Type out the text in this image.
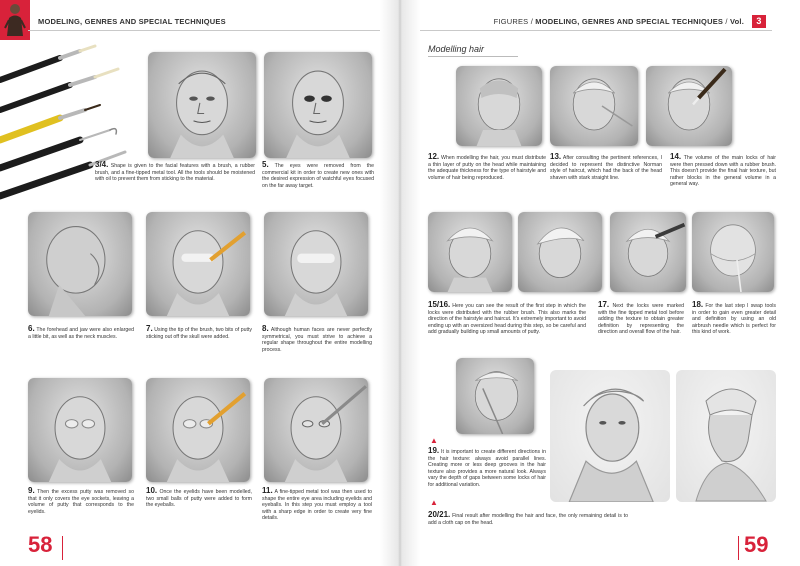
MODELING, GENRES AND SPECIAL TECHNIQUES
3/4. Shape is given to the facial features with a brush, a rubber brush, and a fine-tipped metal tool. All the tools should be moistened with oil to prevent them from sticking to the material.
5. The eyes were removed from the commercial kit in order to create new ones with the desired expression of watchful eyes focused on the far away target.
6. The forehead and jaw were also enlarged a little bit, as well as the neck muscles.
7. Using the tip of the brush, two bits of putty sticking out off the skull were added.
8. Although human faces are never perfectly symmetrical, you must strive to achieve a regular shape throughout the entire modelling process.
9. Then the excess putty was removed so that it only covers the eye sockets, leaving a volume of putty that corresponds to the eyelids.
10. Once the eyelids have been modelled, two small balls of putty were added to form the eyeballs.
11. A fine-tipped metal tool was then used to shape the entire eye area including eyelids and eyeballs. In this step you must employ a tool with a sharp edge in order to create very fine details.
58
FIGURES / MODELING, GENRES AND SPECIAL TECHNIQUES / Vol.	3
Modelling hair
12. When modelling the hair, you must distribute a thin layer of putty on the head while maintaining the adequate thickness for the type of hairstyle and volume of hair being reproduced.
13. After consulting the pertinent references, I decided to represent the distinctive Norman style of haircut, which had the back of the head shaven with stark straight line.
14. The volume of the main locks of hair were then pressed down with a rubber brush. This doesn't provide the final hair texture, but rather blocks in the general volume in a general way.
15/16. Here you can see the result of the first step in which the locks were distributed with the rubber brush. This also marks the direction of the hairstyle and haircut. It's extremely important to avoid ending up with an oversized head during this step, so be careful and add gradually building up small amounts of putty.
17. Next the locks were marked with the fine tipped metal tool before adding the texture to obtain greater definition by representing the direction and overall flow of the hair.
18. For the last step I swap tools in order to gain even greater detail and definition by using an old airbrush needle which is perfect for this kind of work.
▲
19. It is important to create different directions in the hair texture: always avoid parallel lines. Creating more or less deep grooves in the hair texture also provides a more natural look. Always vary the depth of gaps between some locks of hair for additional variation.
▲
20/21. Final result after modelling the hair and face, the only remaining detail is to add a cloth cap on the head.
59
